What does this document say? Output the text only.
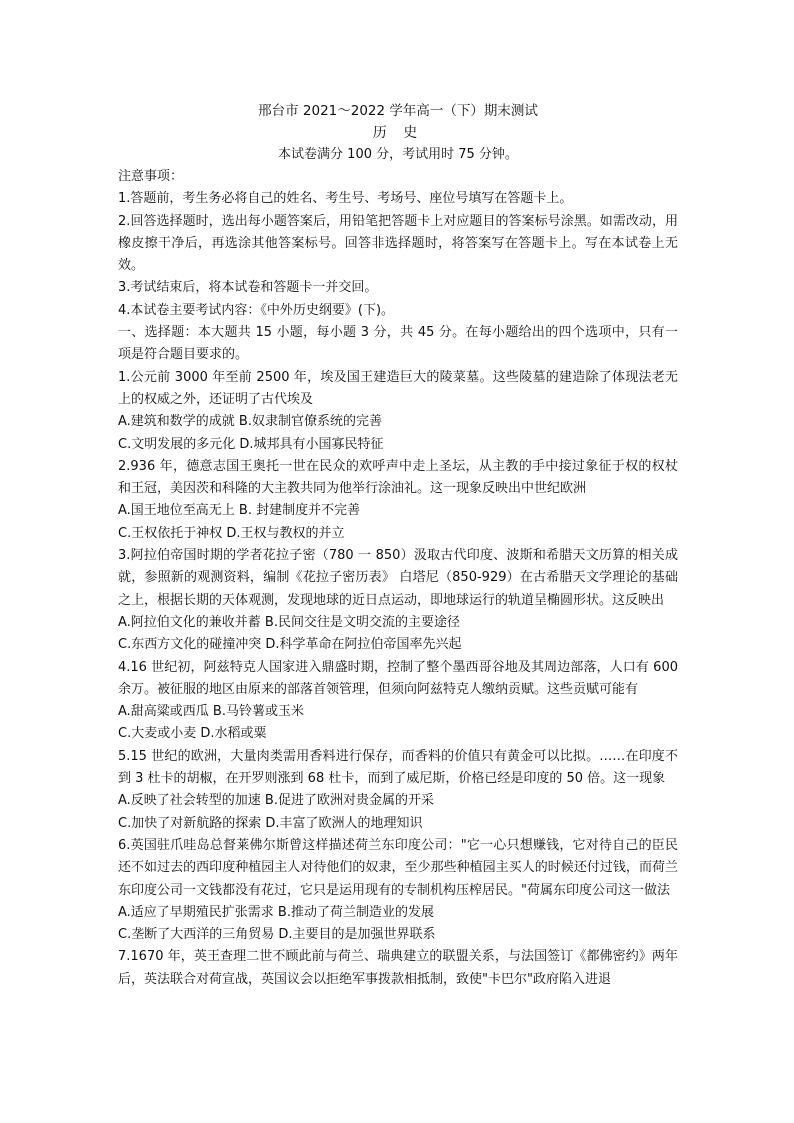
邢台市 2021～2022 学年高一（下）期末测试

历 史

本试卷满分 100 分，考试用时 75 分钟。

注意事项：

1.答题前，考生务必将自己的姓名、考生号、考场号、座位号填写在答题卡上。

2.回答选择题时，选出每小题答案后，用铅笔把答题卡上对应题目的答案标号涂黑。如需改动，用橡皮擦干净后，再选涂其他答案标号。回答非选择题时，将答案写在答题卡上。写在本试卷上无效。

3.考试结束后，将本试卷和答题卡一并交回。

4.本试卷主要考试内容：《中外历史纲要》(下)。

一、选择题：本大题共 15 小题，每小题 3 分，共 45 分。在每小题给出的四个选项中，只有一项是符合题目要求的。

1.公元前 3000 年至前 2500 年，埃及国王建造巨大的陵菜墓。这些陵墓的建造除了体现法老无上的权威之外，还证明了古代埃及

A.建筑和数学的成就 B.奴隶制官僚系统的完善

C.文明发展的多元化 D.城邦具有小国寡民特征

2.936 年，德意志国王奥托一世在民众的欢呼声中走上圣坛，从主教的手中接过象征于权的权杖和王冠，美因茨和科隆的大主教共同为他举行涂油礼。这一现象反映出中世纪欧洲

A.国王地位至高无上 B. 封建制度并不完善

C.王权依托于神权 D.王权与教权的并立

3.阿拉伯帝国时期的学者花拉子密（780 一 850）汲取古代印度、波斯和希腊天文历算的相关成就，参照新的观测资料，编制《花拉子密历表》 白塔尼（850-929）在古希腊天文学理论的基础之上，根据长期的天体观测，发现地球的近日点运动，即地球运行的轨道呈椭圆形状。这反映出

A.阿拉伯文化的兼收并蓄 B.民间交往是文明交流的主要途径

C.东西方文化的碰撞冲突 D.科学革命在阿拉伯帝国率先兴起

4.16 世纪初，阿兹特克人国家进入鼎盛时期，控制了整个墨西哥谷地及其周边部落，人口有 600 余万。被征服的地区由原来的部落首领管理，但须向阿兹特克人缴纳贡赋。这些贡赋可能有

A.甜高粱或西瓜 B.马铃薯或玉米

C.大麦或小麦 D.水稻或粟

5.15 世纪的欧洲，大量肉类需用香料进行保存，而香料的价值只有黄金可以比拟。……在印度不到 3 杜卡的胡椒，在开罗则涨到 68 杜卡，而到了威尼斯，价格已经是印度的 50 倍。这一现象

A.反映了社会转型的加速 B.促进了欧洲对贵金属的开采

C.加快了对新航路的探索 D.丰富了欧洲人的地理知识

6.英国驻爪哇岛总督莱佛尔斯曾这样描述荷兰东印度公司："它一心只想赚钱，它对待自己的臣民还不如过去的西印度种植园主人对待他们的奴隶，至少那些种植园主买人的时候还付过钱，而荷兰东印度公司一文钱都没有花过，它只是运用现有的专制机构压榨居民。"荷属东印度公司这一做法

A.适应了早期殖民扩张需求 B.推动了荷兰制造业的发展

C.垄断了大西洋的三角贸易 D.主要目的是加强世界联系

7.1670 年，英王查理二世不顾此前与荷兰、瑞典建立的联盟关系，与法国签订《都佛密约》两年后，英法联合对荷宣战，英国议会以拒绝军事拨款相抵制，致使"卡巴尔"政府陷入进退
